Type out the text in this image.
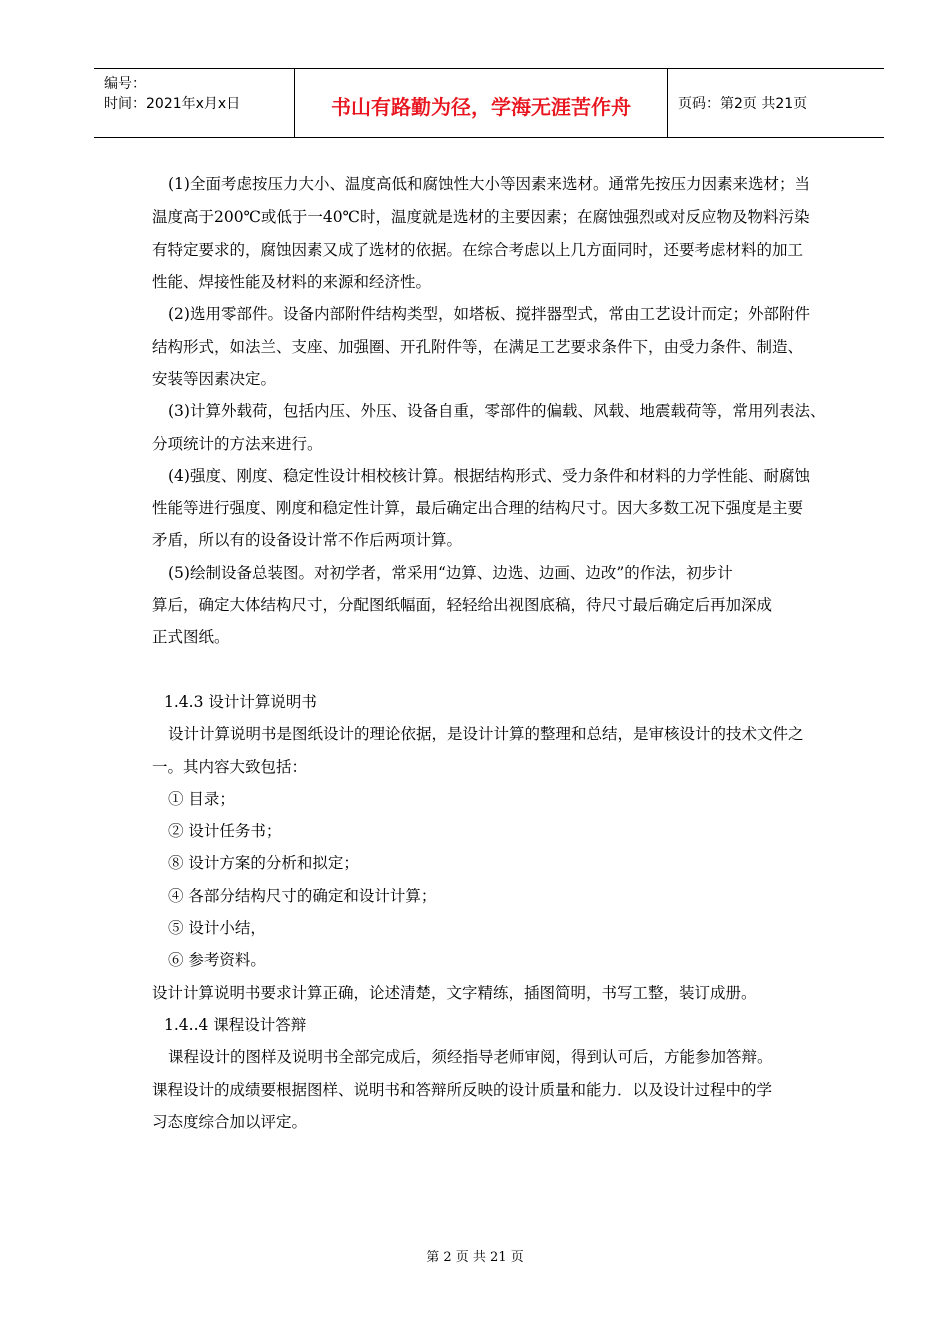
编号：
时间：2021年x月x日	书山有路勤为径，学海无涯苦作舟	页码：第2页 共21页
(1)全面考虑按压力大小、温度高低和腐蚀性大小等因素来选材。通常先按压力因素来选材；当
温度高于200℃或低于一40℃时，温度就是选材的主要因素；在腐蚀强烈或对反应物及物料污染
有特定要求的，腐蚀因素又成了选材的依据。在综合考虑以上几方面同时，还要考虑材料的加工
性能、焊接性能及材料的来源和经济性。
(2)选用零部件。设备内部附件结构类型，如塔板、搅拌器型式，常由工艺设计而定；外部附件
结构形式，如法兰、支座、加强圈、开孔附件等，在满足工艺要求条件下，由受力条件、制造、
安装等因素决定。
(3)计算外载荷，包括内压、外压、设备自重，零部件的偏载、风载、地震载荷等，常用列表法、
分项统计的方法来进行。
(4)强度、刚度、稳定性设计相校核计算。根据结构形式、受力条件和材料的力学性能、耐腐蚀
性能等进行强度、刚度和稳定性计算，最后确定出合理的结构尺寸。因大多数工况下强度是主要
矛盾，所以有的设备设计常不作后两项计算。
(5)绘制设备总装图。对初学者，常采用“边算、边选、边画、边改”的作法，初步计
算后，确定大体结构尺寸，分配图纸幅面，轻轻给出视图底稿，待尺寸最后确定后再加深成
正式图纸。
1.4.3 设计计算说明书
设计计算说明书是图纸设计的理论依据，是设计计算的整理和总结，是审核设计的技术文件之
一。其内容大致包括：
① 目录；
② 设计任务书；
⑧ 设计方案的分析和拟定；
④ 各部分结构尺寸的确定和设计计算；
⑤ 设计小结，
⑥ 参考资料。
设计计算说明书要求计算正确，论述清楚，文字精练，插图简明，书写工整，装订成册。
1.4..4 课程设计答辩
课程设计的图样及说明书全部完成后，须经指导老师审阅，得到认可后，方能参加答辩。
课程设计的成绩要根据图样、说明书和答辩所反映的设计质量和能力．以及设计过程中的学
习态度综合加以评定。
第 2 页 共 21 页
